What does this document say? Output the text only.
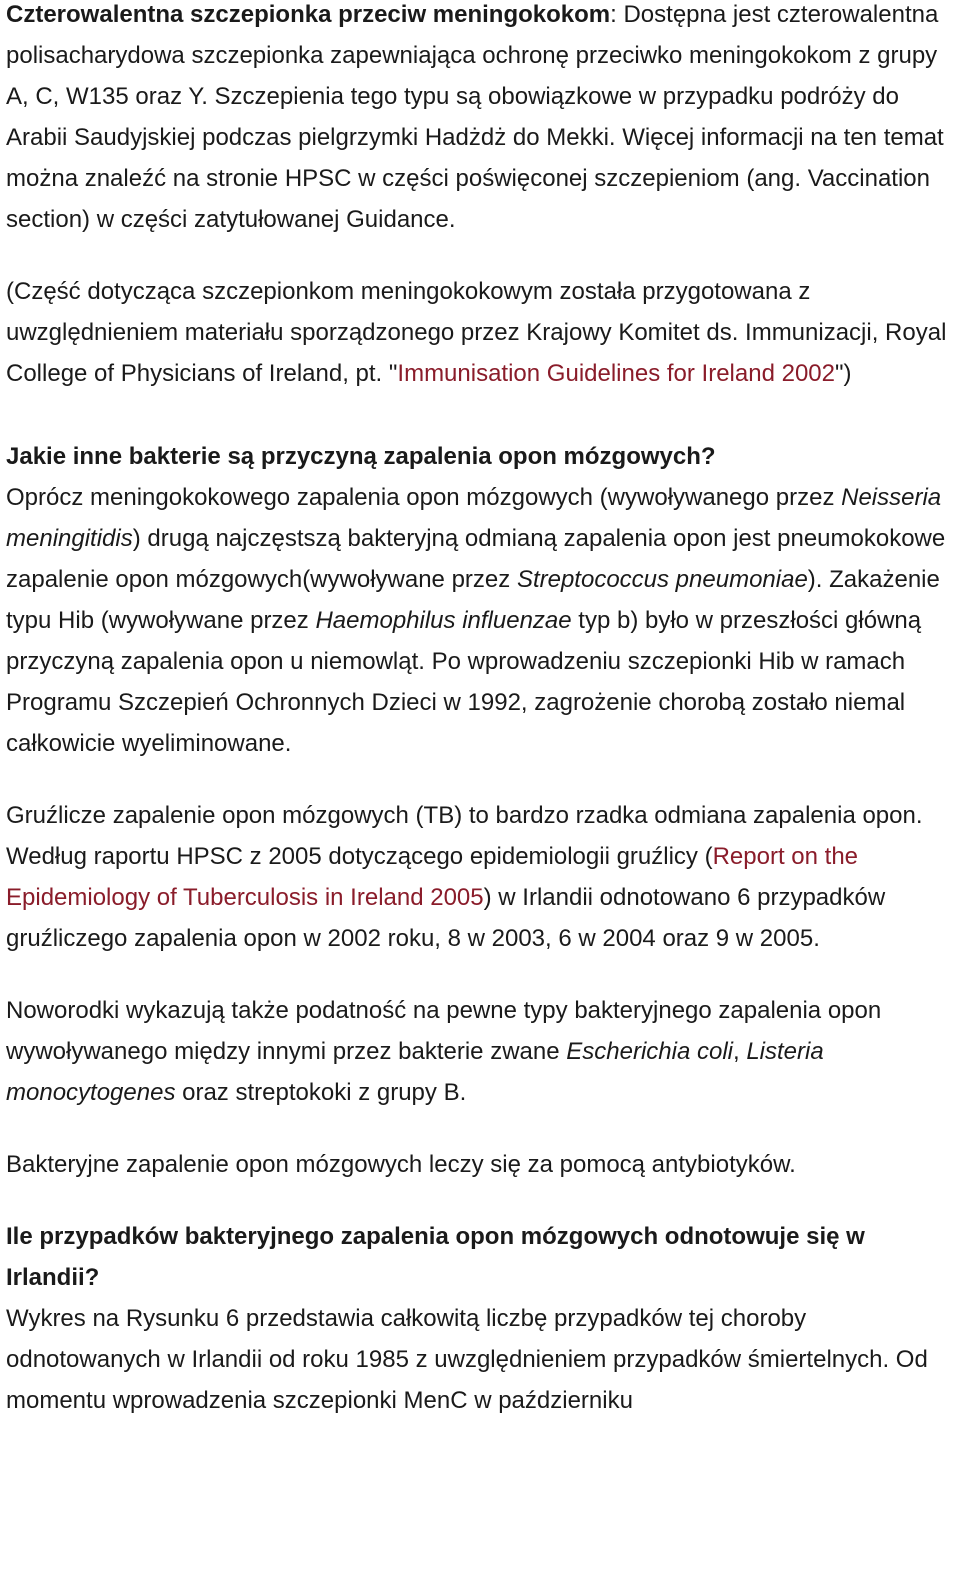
Czterowalentna szczepionka przeciw meningokokom: Dostępna jest czterowalentna polisacharydowa szczepionka zapewniająca ochronę przeciwko meningokokom z grupy A, C, W135 oraz Y. Szczepienia tego typu są obowiązkowe w przypadku podróży do Arabii Saudyjskiej podczas pielgrzymki Hadżdż do Mekki. Więcej informacji na ten temat można znaleźć na stronie HPSC w części poświęconej szczepieniom (ang. Vaccination section) w części zatytułowanej Guidance.

(Część dotycząca szczepionkom meningokokowym została przygotowana z uwzględnieniem materiału sporządzonego przez Krajowy Komitet ds. Immunizacji, Royal College of Physicians of Ireland, pt. "Immunisation Guidelines for Ireland 2002")

Jakie inne bakterie są przyczyną zapalenia opon mózgowych?

Oprócz meningokokowego zapalenia opon mózgowych (wywoływanego przez Neisseria meningitidis) drugą najczęstszą bakteryjną odmianą zapalenia opon jest pneumokokowe zapalenie opon mózgowych(wywoływane przez Streptococcus pneumoniae). Zakażenie typu Hib (wywoływane przez Haemophilus influenzae typ b) było w przeszłości główną przyczyną zapalenia opon u niemowląt. Po wprowadzeniu szczepionki Hib w ramach Programu Szczepień Ochronnych Dzieci w 1992, zagrożenie chorobą zostało niemal całkowicie wyeliminowane.

Gruźlicze zapalenie opon mózgowych (TB) to bardzo rzadka odmiana zapalenia opon. Według raportu HPSC z 2005 dotyczącego epidemiologii gruźlicy (Report on the Epidemiology of Tuberculosis in Ireland 2005) w Irlandii odnotowano 6 przypadków gruźliczego zapalenia opon w 2002 roku, 8 w 2003, 6 w 2004 oraz 9 w 2005.

Noworodki wykazują także podatność na pewne typy bakteryjnego zapalenia opon wywoływanego między innymi przez bakterie zwane Escherichia coli, Listeria monocytogenes oraz streptokoki z grupy B.

Bakteryjne zapalenie opon mózgowych leczy się za pomocą antybiotyków.

Ile przypadków bakteryjnego zapalenia opon mózgowych odnotowuje się w Irlandii?

Wykres na Rysunku 6 przedstawia całkowitą liczbę przypadków tej choroby odnotowanych w Irlandii od roku 1985 z uwzględnieniem przypadków śmiertelnych. Od momentu wprowadzenia szczepionki MenC w październiku
